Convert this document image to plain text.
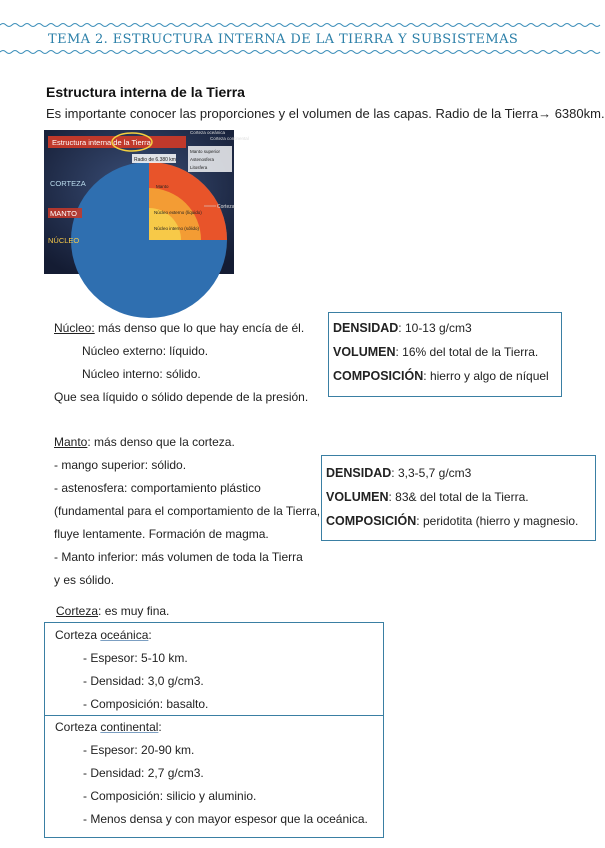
TEMA 2. ESTRUCTURA INTERNA DE LA TIERRA Y SUBSISTEMAS
Estructura interna de la Tierra
Es importante conocer las proporciones y el volumen de las capas. Radio de la Tierra→ 6380km.
Estructura interna de la Tierra
Radio de 6.380 km
CORTEZA
MANTO
NÚCLEO
Corteza oceánica
Corteza continental
Manto superior
Astenosfera
Litosfera
Manto
Núcleo externo (líquido)
Núcleo interno (sólido)
Corteza
Núcleo: más denso que lo que hay encía de él.
Núcleo externo: líquido.
Núcleo interno: sólido.
Que sea líquido o sólido depende de la presión.
DENSIDAD: 10-13 g/cm3
VOLUMEN: 16% del total de la Tierra.
COMPOSICIÓN: hierro y algo de níquel
Manto: más denso que la corteza.
- mango superior: sólido.
- astenosfera: comportamiento plástico
(fundamental para el comportamiento de la Tierra,
fluye lentamente. Formación de magma.
- Manto inferior: más volumen de toda la Tierra
y es sólido.
DENSIDAD: 3,3-5,7 g/cm3
VOLUMEN: 83& del total de la Tierra.
COMPOSICIÓN: peridotita (hierro y magnesio.
Corteza: es muy fina.
Corteza oceánica:
- Espesor: 5-10 km.
- Densidad: 3,0 g/cm3.
- Composición: basalto.
Corteza continental:
- Espesor: 20-90 km.
- Densidad: 2,7 g/cm3.
- Composición: silicio y aluminio.
- Menos densa y con mayor espesor que la oceánica.
